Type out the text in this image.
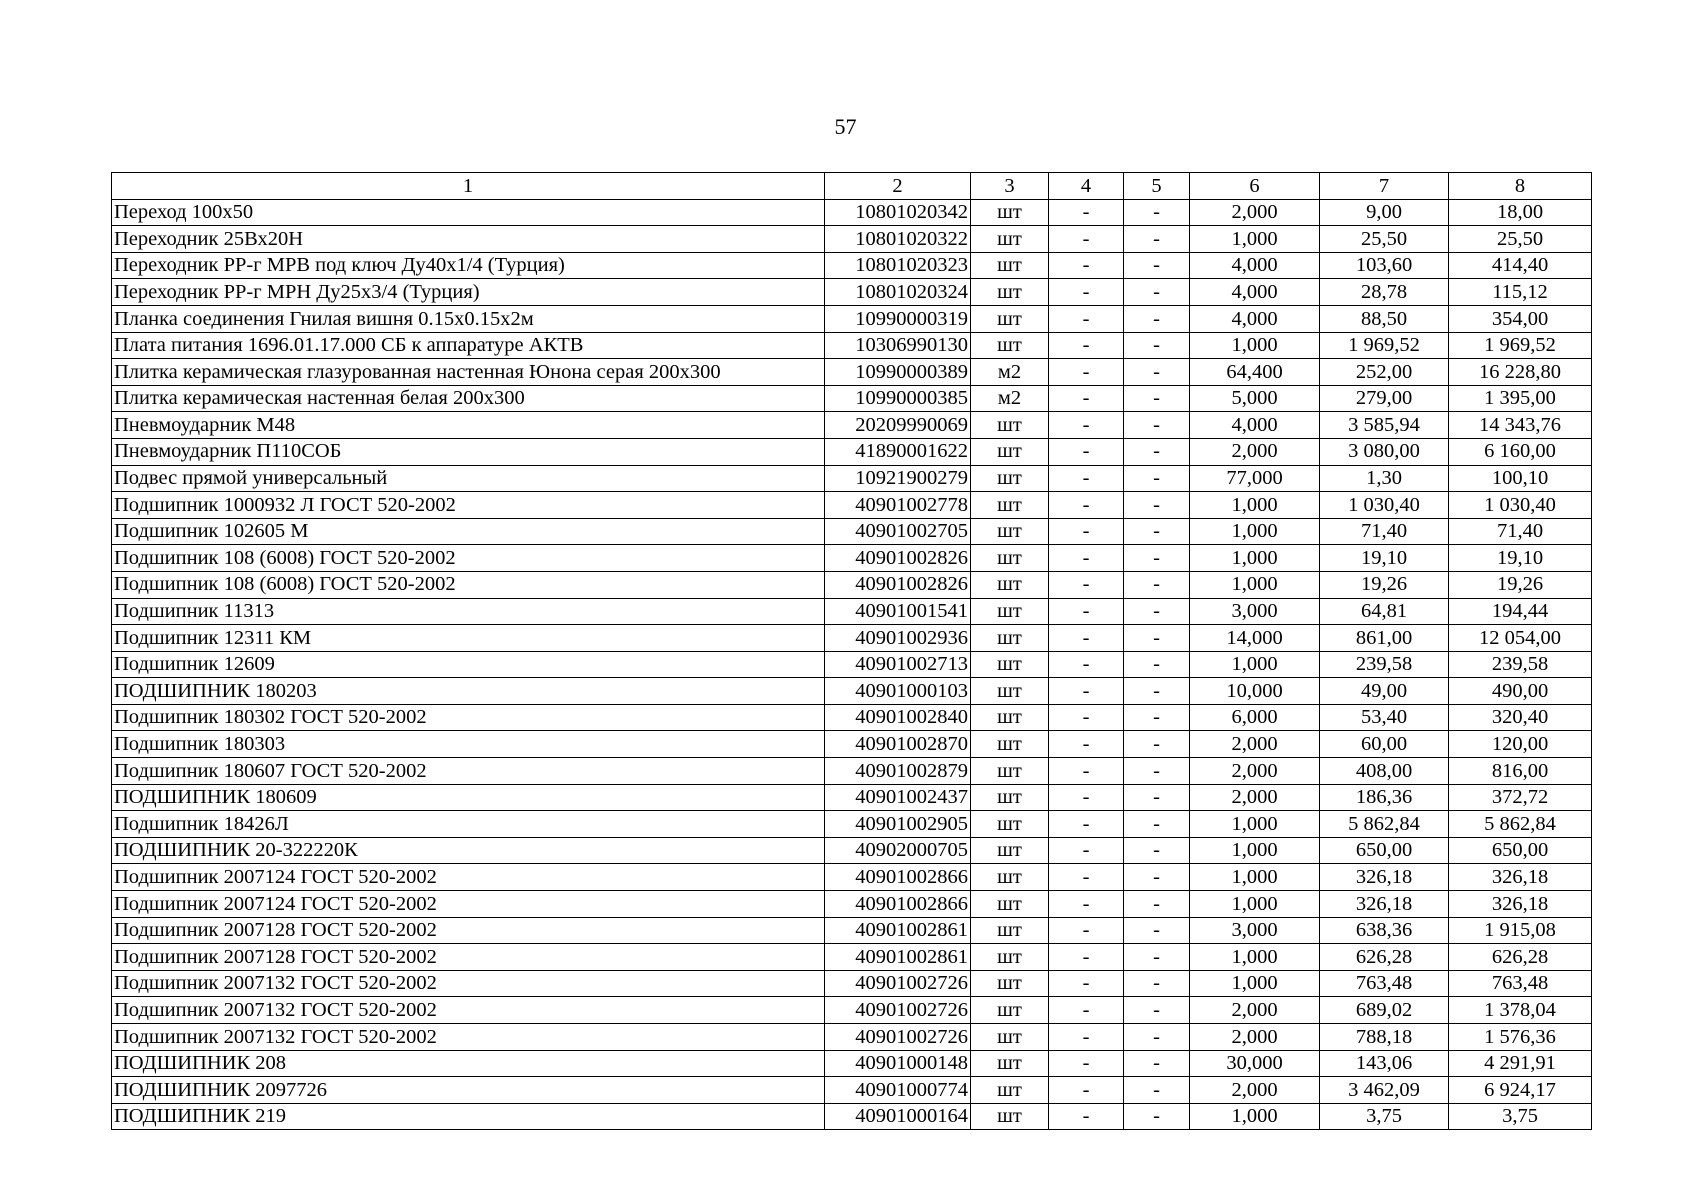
57
1	2	3	4	5	6	7	8
Переход 100х50	10801020342	шт	-	-	2,000	9,00	18,00
Переходник 25Вх20Н	10801020322	шт	-	-	1,000	25,50	25,50
Переходник РР-г МРВ под ключ Ду40х1/4 (Турция)	10801020323	шт	-	-	4,000	103,60	414,40
Переходник РР-г МРН Ду25х3/4 (Турция)	10801020324	шт	-	-	4,000	28,78	115,12
Планка соединения Гнилая вишня 0.15х0.15х2м	10990000319	шт	-	-	4,000	88,50	354,00
Плата питания 1696.01.17.000 СБ к аппаратуре АКТВ	10306990130	шт	-	-	1,000	1 969,52	1 969,52
Плитка керамическая глазурованная настенная Юнона серая 200х300	10990000389	м2	-	-	64,400	252,00	16 228,80
Плитка керамическая настенная белая 200х300	10990000385	м2	-	-	5,000	279,00	1 395,00
Пневмоударник М48	20209990069	шт	-	-	4,000	3 585,94	14 343,76
Пневмоударник П110СОБ	41890001622	шт	-	-	2,000	3 080,00	6 160,00
Подвес прямой универсальный	10921900279	шт	-	-	77,000	1,30	100,10
Подшипник 1000932 Л ГОСТ 520-2002	40901002778	шт	-	-	1,000	1 030,40	1 030,40
Подшипник 102605 М	40901002705	шт	-	-	1,000	71,40	71,40
Подшипник 108 (6008) ГОСТ 520-2002	40901002826	шт	-	-	1,000	19,10	19,10
Подшипник 108 (6008) ГОСТ 520-2002	40901002826	шт	-	-	1,000	19,26	19,26
Подшипник 11313	40901001541	шт	-	-	3,000	64,81	194,44
Подшипник 12311 КМ	40901002936	шт	-	-	14,000	861,00	12 054,00
Подшипник 12609	40901002713	шт	-	-	1,000	239,58	239,58
ПОДШИПНИК 180203	40901000103	шт	-	-	10,000	49,00	490,00
Подшипник 180302 ГОСТ 520-2002	40901002840	шт	-	-	6,000	53,40	320,40
Подшипник 180303	40901002870	шт	-	-	2,000	60,00	120,00
Подшипник 180607 ГОСТ 520-2002	40901002879	шт	-	-	2,000	408,00	816,00
ПОДШИПНИК 180609	40901002437	шт	-	-	2,000	186,36	372,72
Подшипник 18426Л	40901002905	шт	-	-	1,000	5 862,84	5 862,84
ПОДШИПНИК 20-322220К	40902000705	шт	-	-	1,000	650,00	650,00
Подшипник 2007124 ГОСТ 520-2002	40901002866	шт	-	-	1,000	326,18	326,18
Подшипник 2007124 ГОСТ 520-2002	40901002866	шт	-	-	1,000	326,18	326,18
Подшипник 2007128 ГОСТ 520-2002	40901002861	шт	-	-	3,000	638,36	1 915,08
Подшипник 2007128 ГОСТ 520-2002	40901002861	шт	-	-	1,000	626,28	626,28
Подшипник 2007132 ГОСТ 520-2002	40901002726	шт	-	-	1,000	763,48	763,48
Подшипник 2007132 ГОСТ 520-2002	40901002726	шт	-	-	2,000	689,02	1 378,04
Подшипник 2007132 ГОСТ 520-2002	40901002726	шт	-	-	2,000	788,18	1 576,36
ПОДШИПНИК 208	40901000148	шт	-	-	30,000	143,06	4 291,91
ПОДШИПНИК 2097726	40901000774	шт	-	-	2,000	3 462,09	6 924,17
ПОДШИПНИК 219	40901000164	шт	-	-	1,000	3,75	3,75
